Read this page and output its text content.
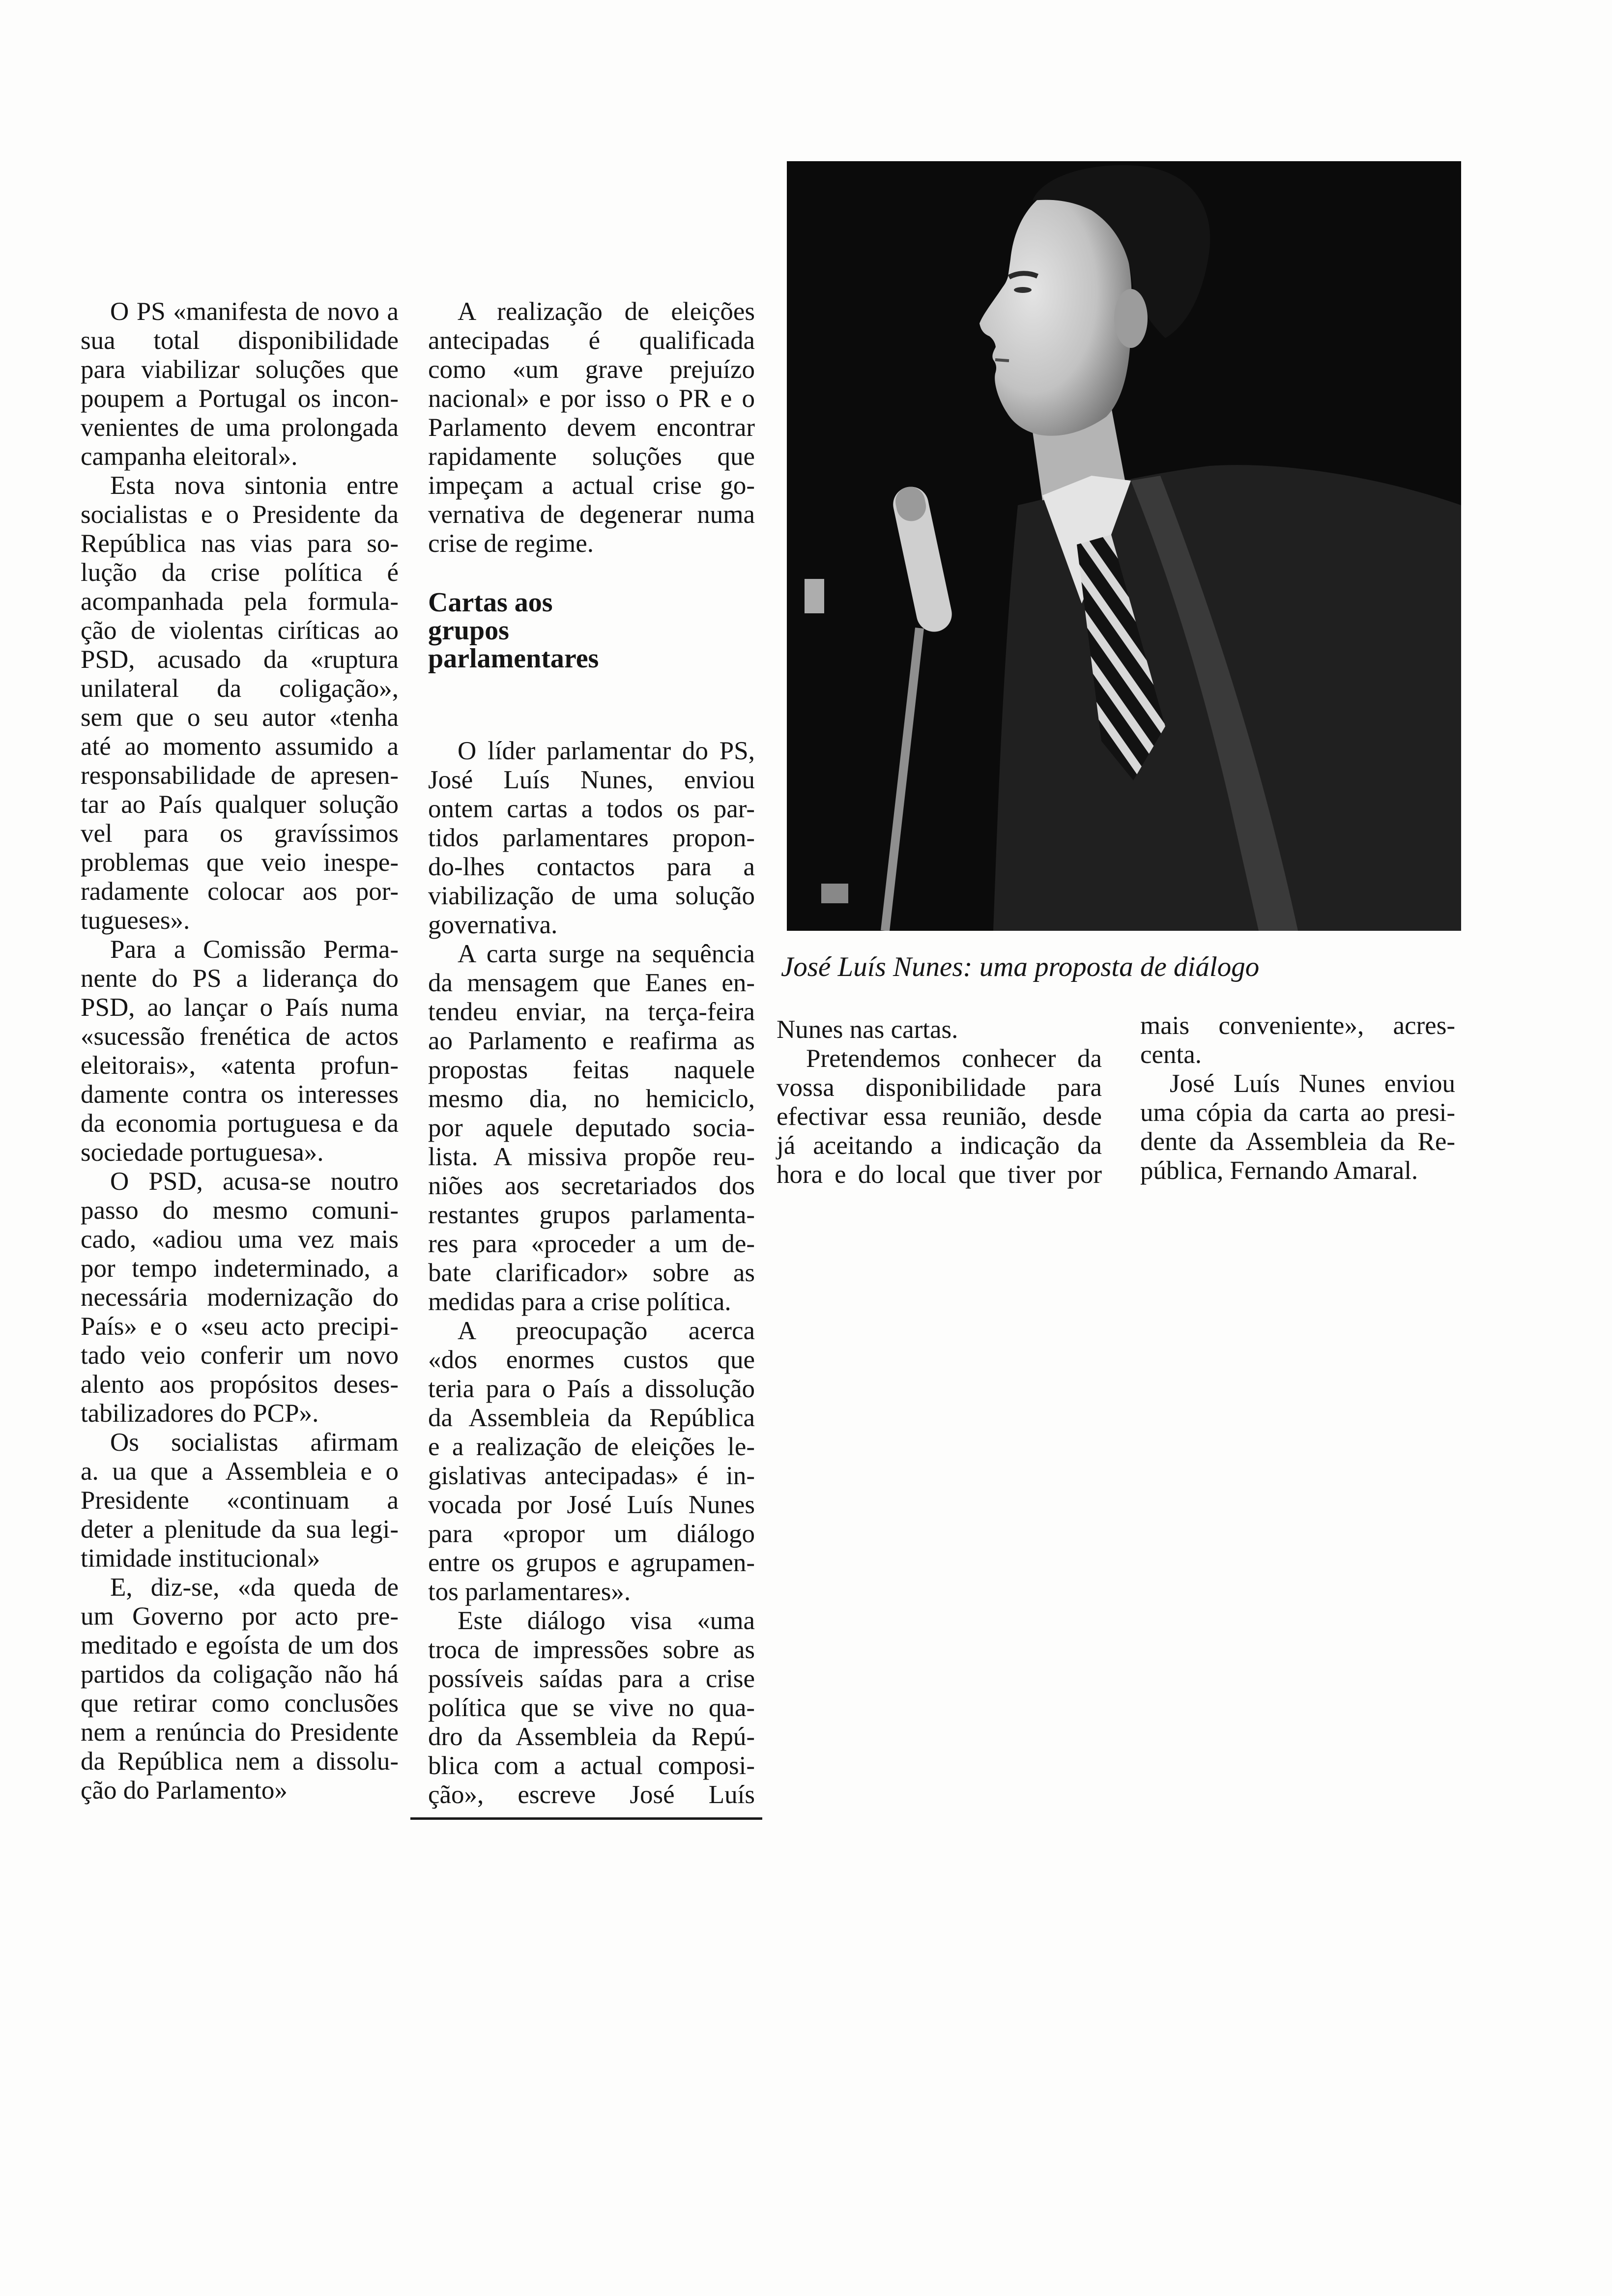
O PS «manifesta de novo a
sua total disponibilidade
para viabilizar soluções que
poupem a Portugal os incon-
venientes de uma prolongada
campanha eleitoral».
Esta nova sintonia entre
socialistas e o Presidente da
República nas vias para so-
lução da crise política é
acompanhada pela formula-
ção de violentas ciríticas ao
PSD, acusado da «ruptura
unilateral da coligação»,
sem que o seu autor «tenha
até ao momento assumido a
responsabilidade de apresen-
tar ao País qualquer solução
vel para os gravíssimos
problemas que veio inespe-
radamente colocar aos por-
tugueses».
Para a Comissão Perma-
nente do PS a liderança do
PSD, ao lançar o País numa
«sucessão frenética de actos
eleitorais», «atenta profun-
damente contra os interesses
da economia portuguesa e da
sociedade portuguesa».
O PSD, acusa-se noutro
passo do mesmo comuni-
cado, «adiou uma vez mais
por tempo indeterminado, a
necessária modernização do
País» e o «seu acto precipi-
tado veio conferir um novo
alento aos propósitos deses-
tabilizadores do PCP».
Os socialistas afirmam
a. ua que a Assembleia e o
Presidente «continuam a
deter a plenitude da sua legi-
timidade institucional»
E, diz-se, «da queda de
um Governo por acto pre-
meditado e egoísta de um dos
partidos da coligação não há
que retirar como conclusões
nem a renúncia do Presidente
da República nem a dissolu-
ção do Parlamento»
A realização de eleições
antecipadas é qualificada
como «um grave prejuízo
nacional» e por isso o PR e o
Parlamento devem encontrar
rapidamente soluções que
impeçam a actual crise go-
vernativa de degenerar numa
crise de regime.
Cartas aos
grupos
parlamentares
O líder parlamentar do PS,
José Luís Nunes, enviou
ontem cartas a todos os par-
tidos parlamentares propon-
do-lhes contactos para a
viabilização de uma solução
governativa.
A carta surge na sequência
da mensagem que Eanes en-
tendeu enviar, na terça-feira
ao Parlamento e reafirma as
propostas feitas naquele
mesmo dia, no hemiciclo,
por aquele deputado socia-
lista. A missiva propõe reu-
niões aos secretariados dos
restantes grupos parlamenta-
res para «proceder a um de-
bate clarificador» sobre as
medidas para a crise política.
A preocupação acerca
«dos enormes custos que
teria para o País a dissolução
da Assembleia da República
e a realização de eleições le-
gislativas antecipadas» é in-
vocada por José Luís Nunes
para «propor um diálogo
entre os grupos e agrupamen-
tos parlamentares».
Este diálogo visa «uma
troca de impressões sobre as
possíveis saídas para a crise
política que se vive no qua-
dro da Assembleia da Repú-
blica com a actual composi-
ção», escreve José Luís
Nunes nas cartas.
Pretendemos conhecer da
vossa disponibilidade para
efectivar essa reunião, desde
já aceitando a indicação da
hora e do local que tiver por
mais conveniente», acres-
centa.
José Luís Nunes enviou
uma cópia da carta ao presi-
dente da Assembleia da Re-
pública, Fernando Amaral.
José Luís Nunes: uma proposta de diálogo
